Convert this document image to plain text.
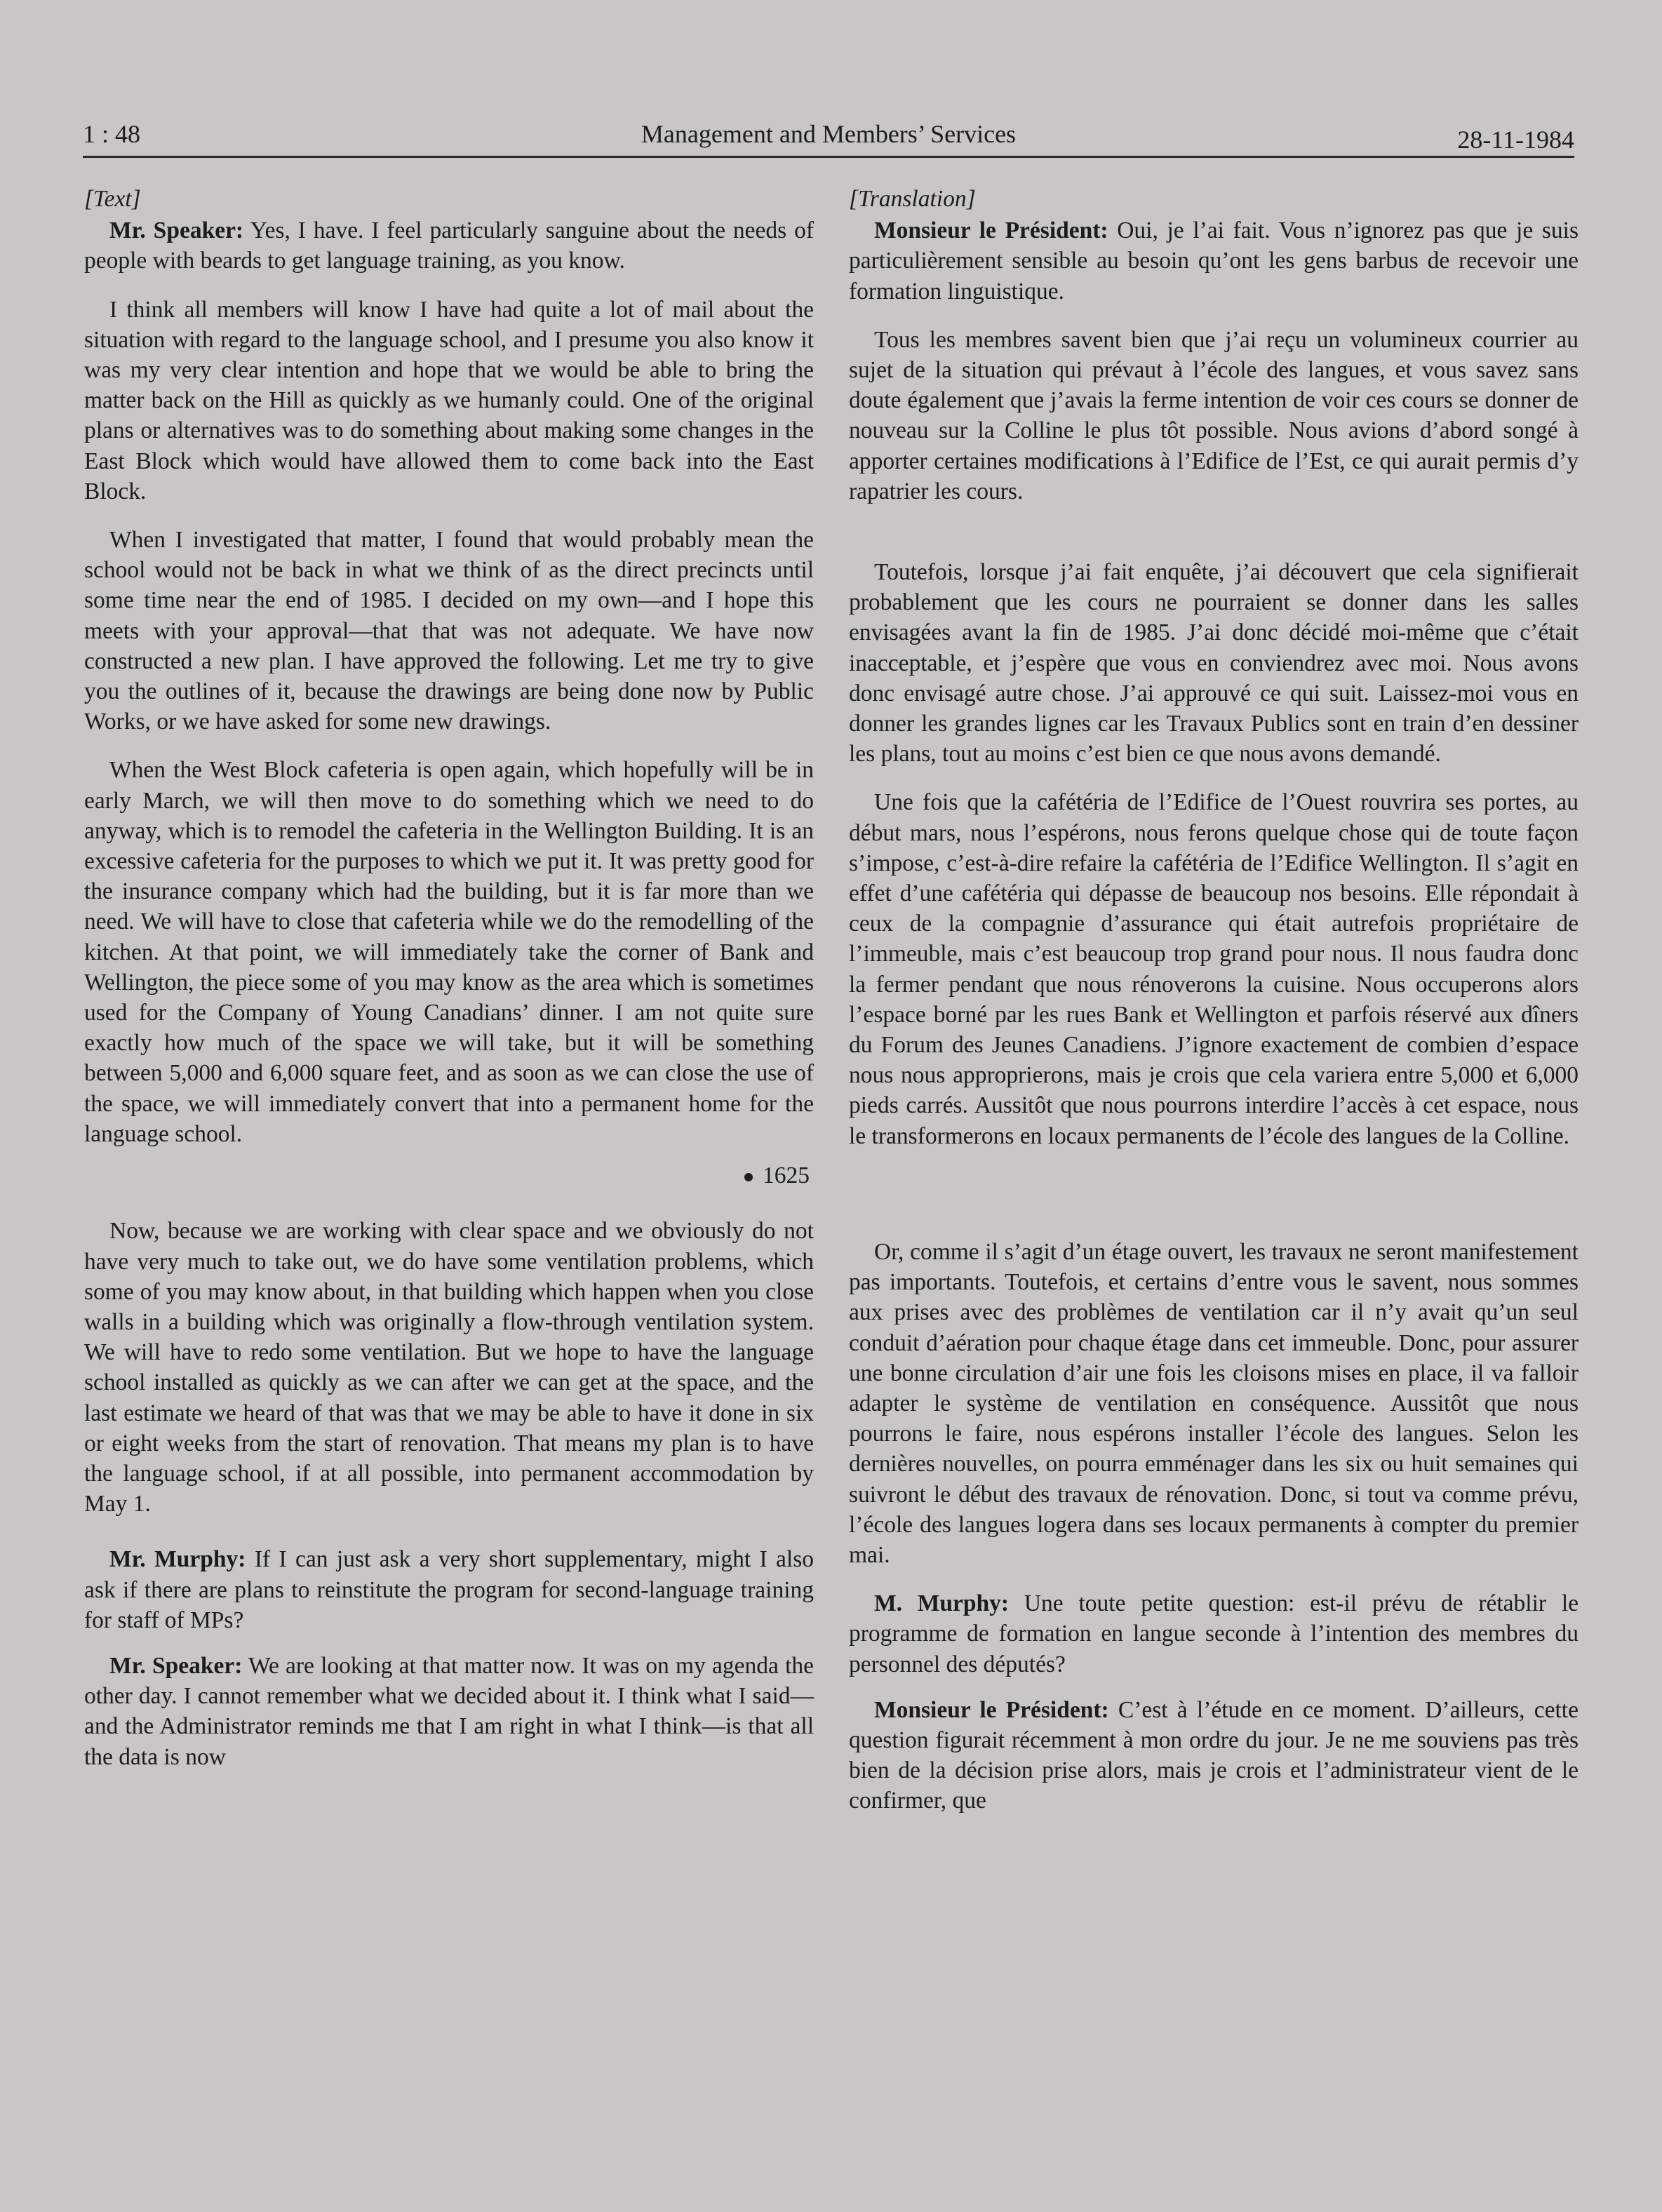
1 : 48	Management and Members’ Services	28-11-1984
[Text]

Mr. Speaker: Yes, I have. I feel particularly sanguine about the needs of people with beards to get language training, as you know.

I think all members will know I have had quite a lot of mail about the situation with regard to the language school, and I presume you also know it was my very clear intention and hope that we would be able to bring the matter back on the Hill as quickly as we humanly could. One of the original plans or alternatives was to do something about making some changes in the East Block which would have allowed them to come back into the East Block.

When I investigated that matter, I found that would probably mean the school would not be back in what we think of as the direct precincts until some time near the end of 1985. I decided on my own—and I hope this meets with your approval—that that was not adequate. We have now constructed a new plan. I have approved the following. Let me try to give you the outlines of it, because the drawings are being done now by Public Works, or we have asked for some new drawings.

When the West Block cafeteria is open again, which hopefully will be in early March, we will then move to do something which we need to do anyway, which is to remodel the cafeteria in the Wellington Building. It is an excessive cafeteria for the purposes to which we put it. It was pretty good for the insurance company which had the building, but it is far more than we need. We will have to close that cafeteria while we do the remodelling of the kitchen. At that point, we will immediately take the corner of Bank and Wellington, the piece some of you may know as the area which is sometimes used for the Company of Young Canadians’ dinner. I am not quite sure exactly how much of the space we will take, but it will be something between 5,000 and 6,000 square feet, and as soon as we can close the use of the space, we will immediately convert that into a permanent home for the language school.

1625

Now, because we are working with clear space and we obviously do not have very much to take out, we do have some ventilation problems, which some of you may know about, in that building which happen when you close walls in a building which was originally a flow-through ventilation system. We will have to redo some ventilation. But we hope to have the language school installed as quickly as we can after we can get at the space, and the last estimate we heard of that was that we may be able to have it done in six or eight weeks from the start of renovation. That means my plan is to have the language school, if at all possible, into permanent accommodation by May 1.

Mr. Murphy: If I can just ask a very short supplementary, might I also ask if there are plans to reinstitute the program for second-language training for staff of MPs?

Mr. Speaker: We are looking at that matter now. It was on my agenda the other day. I cannot remember what we decided about it. I think what I said—and the Administrator reminds me that I am right in what I think—is that all the data is now

[Translation]

Monsieur le Président: Oui, je l’ai fait. Vous n’ignorez pas que je suis particulièrement sensible au besoin qu’ont les gens barbus de recevoir une formation linguistique.

Tous les membres savent bien que j’ai reçu un volumineux courrier au sujet de la situation qui prévaut à l’école des langues, et vous savez sans doute également que j’avais la ferme intention de voir ces cours se donner de nouveau sur la Colline le plus tôt possible. Nous avions d’abord songé à apporter certaines modifications à l’Edifice de l’Est, ce qui aurait permis d’y rapatrier les cours.

Toutefois, lorsque j’ai fait enquête, j’ai découvert que cela signifierait probablement que les cours ne pourraient se donner dans les salles envisagées avant la fin de 1985. J’ai donc décidé moi-même que c’était inacceptable, et j’espère que vous en conviendrez avec moi. Nous avons donc envisagé autre chose. J’ai approuvé ce qui suit. Laissez-moi vous en donner les grandes lignes car les Travaux Publics sont en train d’en dessiner les plans, tout au moins c’est bien ce que nous avons demandé.

Une fois que la cafétéria de l’Edifice de l’Ouest rouvrira ses portes, au début mars, nous l’espérons, nous ferons quelque chose qui de toute façon s’impose, c’est-à-dire refaire la cafétéria de l’Edifice Wellington. Il s’agit en effet d’une cafétéria qui dépasse de beaucoup nos besoins. Elle répondait à ceux de la compagnie d’assurance qui était autrefois propriétaire de l’immeuble, mais c’est beaucoup trop grand pour nous. Il nous faudra donc la fermer pendant que nous rénoverons la cuisine. Nous occuperons alors l’espace borné par les rues Bank et Wellington et parfois réservé aux dîners du Forum des Jeunes Canadiens. J’ignore exactement de combien d’espace nous nous approprierons, mais je crois que cela variera entre 5,000 et 6,000 pieds carrés. Aussitôt que nous pourrons interdire l’accès à cet espace, nous le transformerons en locaux permanents de l’école des langues de la Colline.

Or, comme il s’agit d’un étage ouvert, les travaux ne seront manifestement pas importants. Toutefois, et certains d’entre vous le savent, nous sommes aux prises avec des problèmes de ventilation car il n’y avait qu’un seul conduit d’aération pour chaque étage dans cet immeuble. Donc, pour assurer une bonne circulation d’air une fois les cloisons mises en place, il va falloir adapter le système de ventilation en conséquence. Aussitôt que nous pourrons le faire, nous espérons installer l’école des langues. Selon les dernières nouvelles, on pourra emménager dans les six ou huit semaines qui suivront le début des travaux de rénovation. Donc, si tout va comme prévu, l’école des langues logera dans ses locaux permanents à compter du premier mai.

M. Murphy: Une toute petite question: est-il prévu de rétablir le programme de formation en langue seconde à l’intention des membres du personnel des députés?

Monsieur le Président: C’est à l’étude en ce moment. D’ailleurs, cette question figurait récemment à mon ordre du jour. Je ne me souviens pas très bien de la décision prise alors, mais je crois et l’administrateur vient de le confirmer, que
